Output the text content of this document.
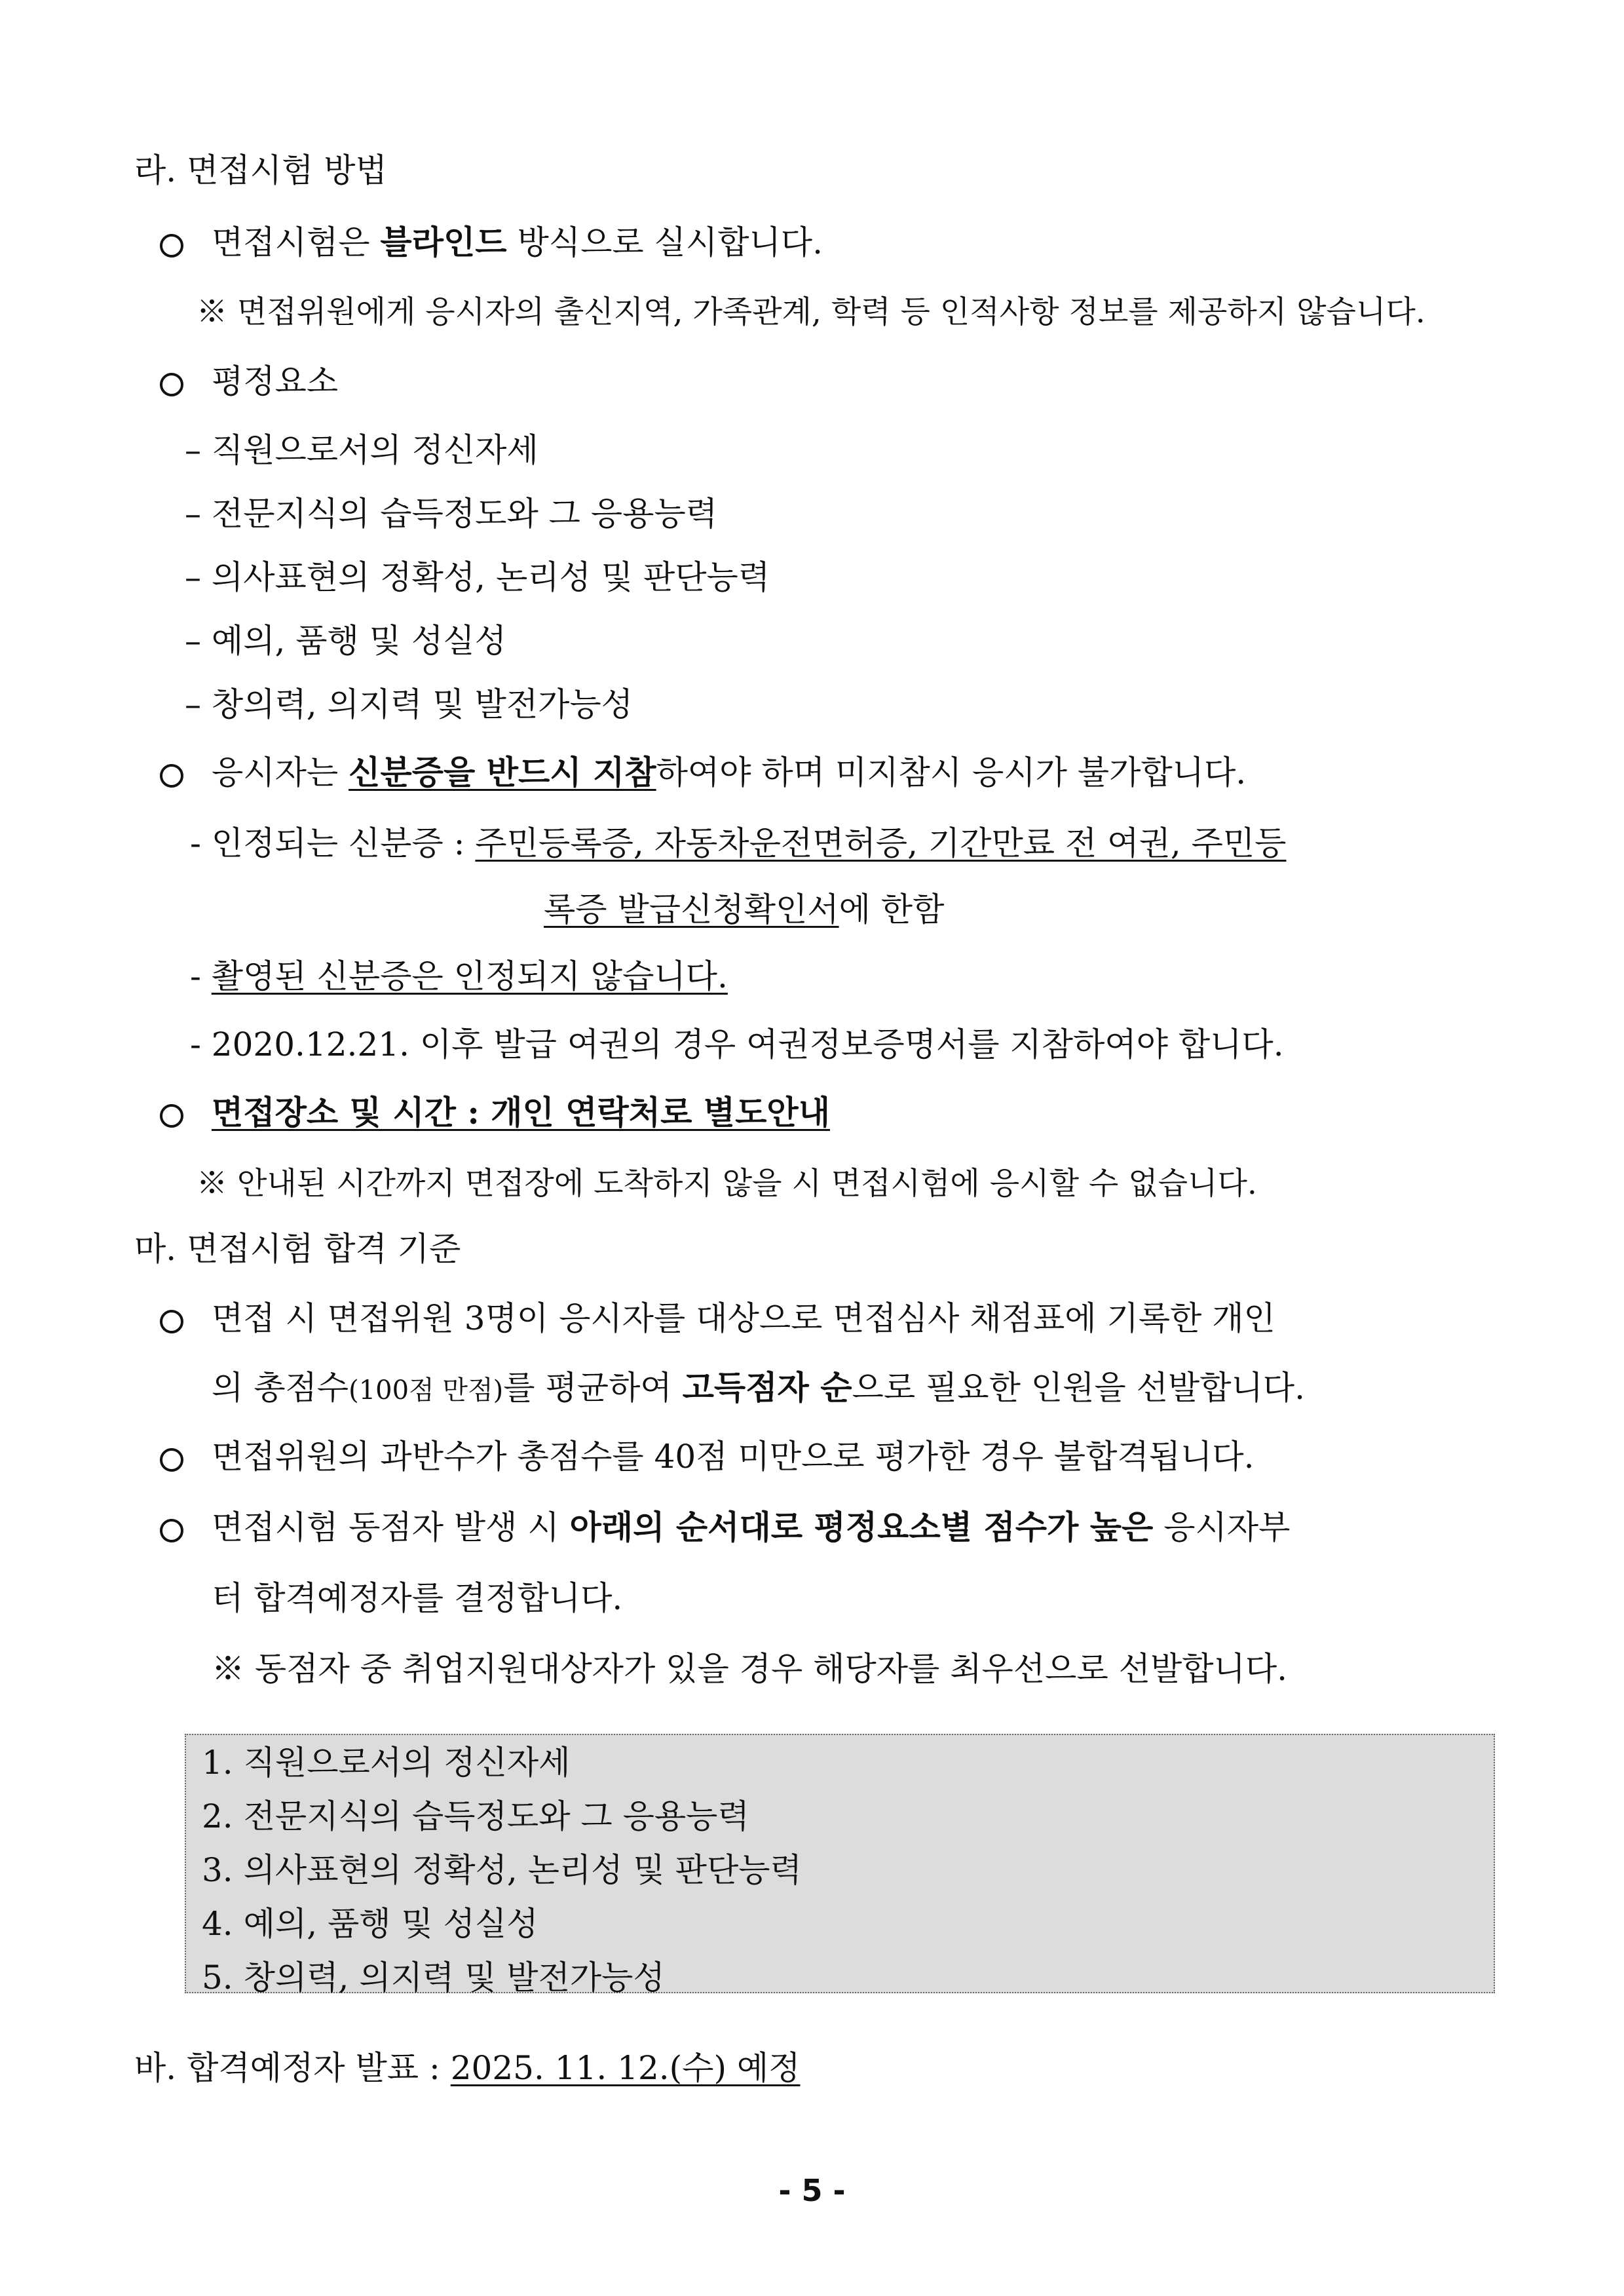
라. 면접시험 방법
면접시험은 블라인드 방식으로 실시합니다.
※ 면접위원에게 응시자의 출신지역, 가족관계, 학력 등 인적사항 정보를 제공하지 않습니다.
평정요소
– 직원으로서의 정신자세
– 전문지식의 습득정도와 그 응용능력
– 의사표현의 정확성, 논리성 및 판단능력
– 예의, 품행 및 성실성
– 창의력, 의지력 및 발전가능성
응시자는 신분증을 반드시 지참하여야 하며 미지참시 응시가 불가합니다.
- 인정되는 신분증 : 주민등록증, 자동차운전면허증, 기간만료 전 여권, 주민등
록증 발급신청확인서에 한함
- 촬영된 신분증은 인정되지 않습니다.
- 2020.12.21. 이후 발급 여권의 경우 여권정보증명서를 지참하여야 합니다.
면접장소 및 시간 : 개인 연락처로 별도안내
※ 안내된 시간까지 면접장에 도착하지 않을 시 면접시험에 응시할 수 없습니다.
마. 면접시험 합격 기준
면접 시 면접위원 3명이 응시자를 대상으로 면접심사 채점표에 기록한 개인
의 총점수(100점 만점)를 평균하여 고득점자 순으로 필요한 인원을 선발합니다.
면접위원의 과반수가 총점수를 40점 미만으로 평가한 경우 불합격됩니다.
면접시험 동점자 발생 시 아래의 순서대로 평정요소별 점수가 높은 응시자부
터 합격예정자를 결정합니다.
※ 동점자 중 취업지원대상자가 있을 경우 해당자를 최우선으로 선발합니다.
1. 직원으로서의 정신자세
2. 전문지식의 습득정도와 그 응용능력
3. 의사표현의 정확성, 논리성 및 판단능력
4. 예의, 품행 및 성실성
5. 창의력, 의지력 및 발전가능성
바. 합격예정자 발표 : 2025. 11. 12.(수) 예정
- 5 -
